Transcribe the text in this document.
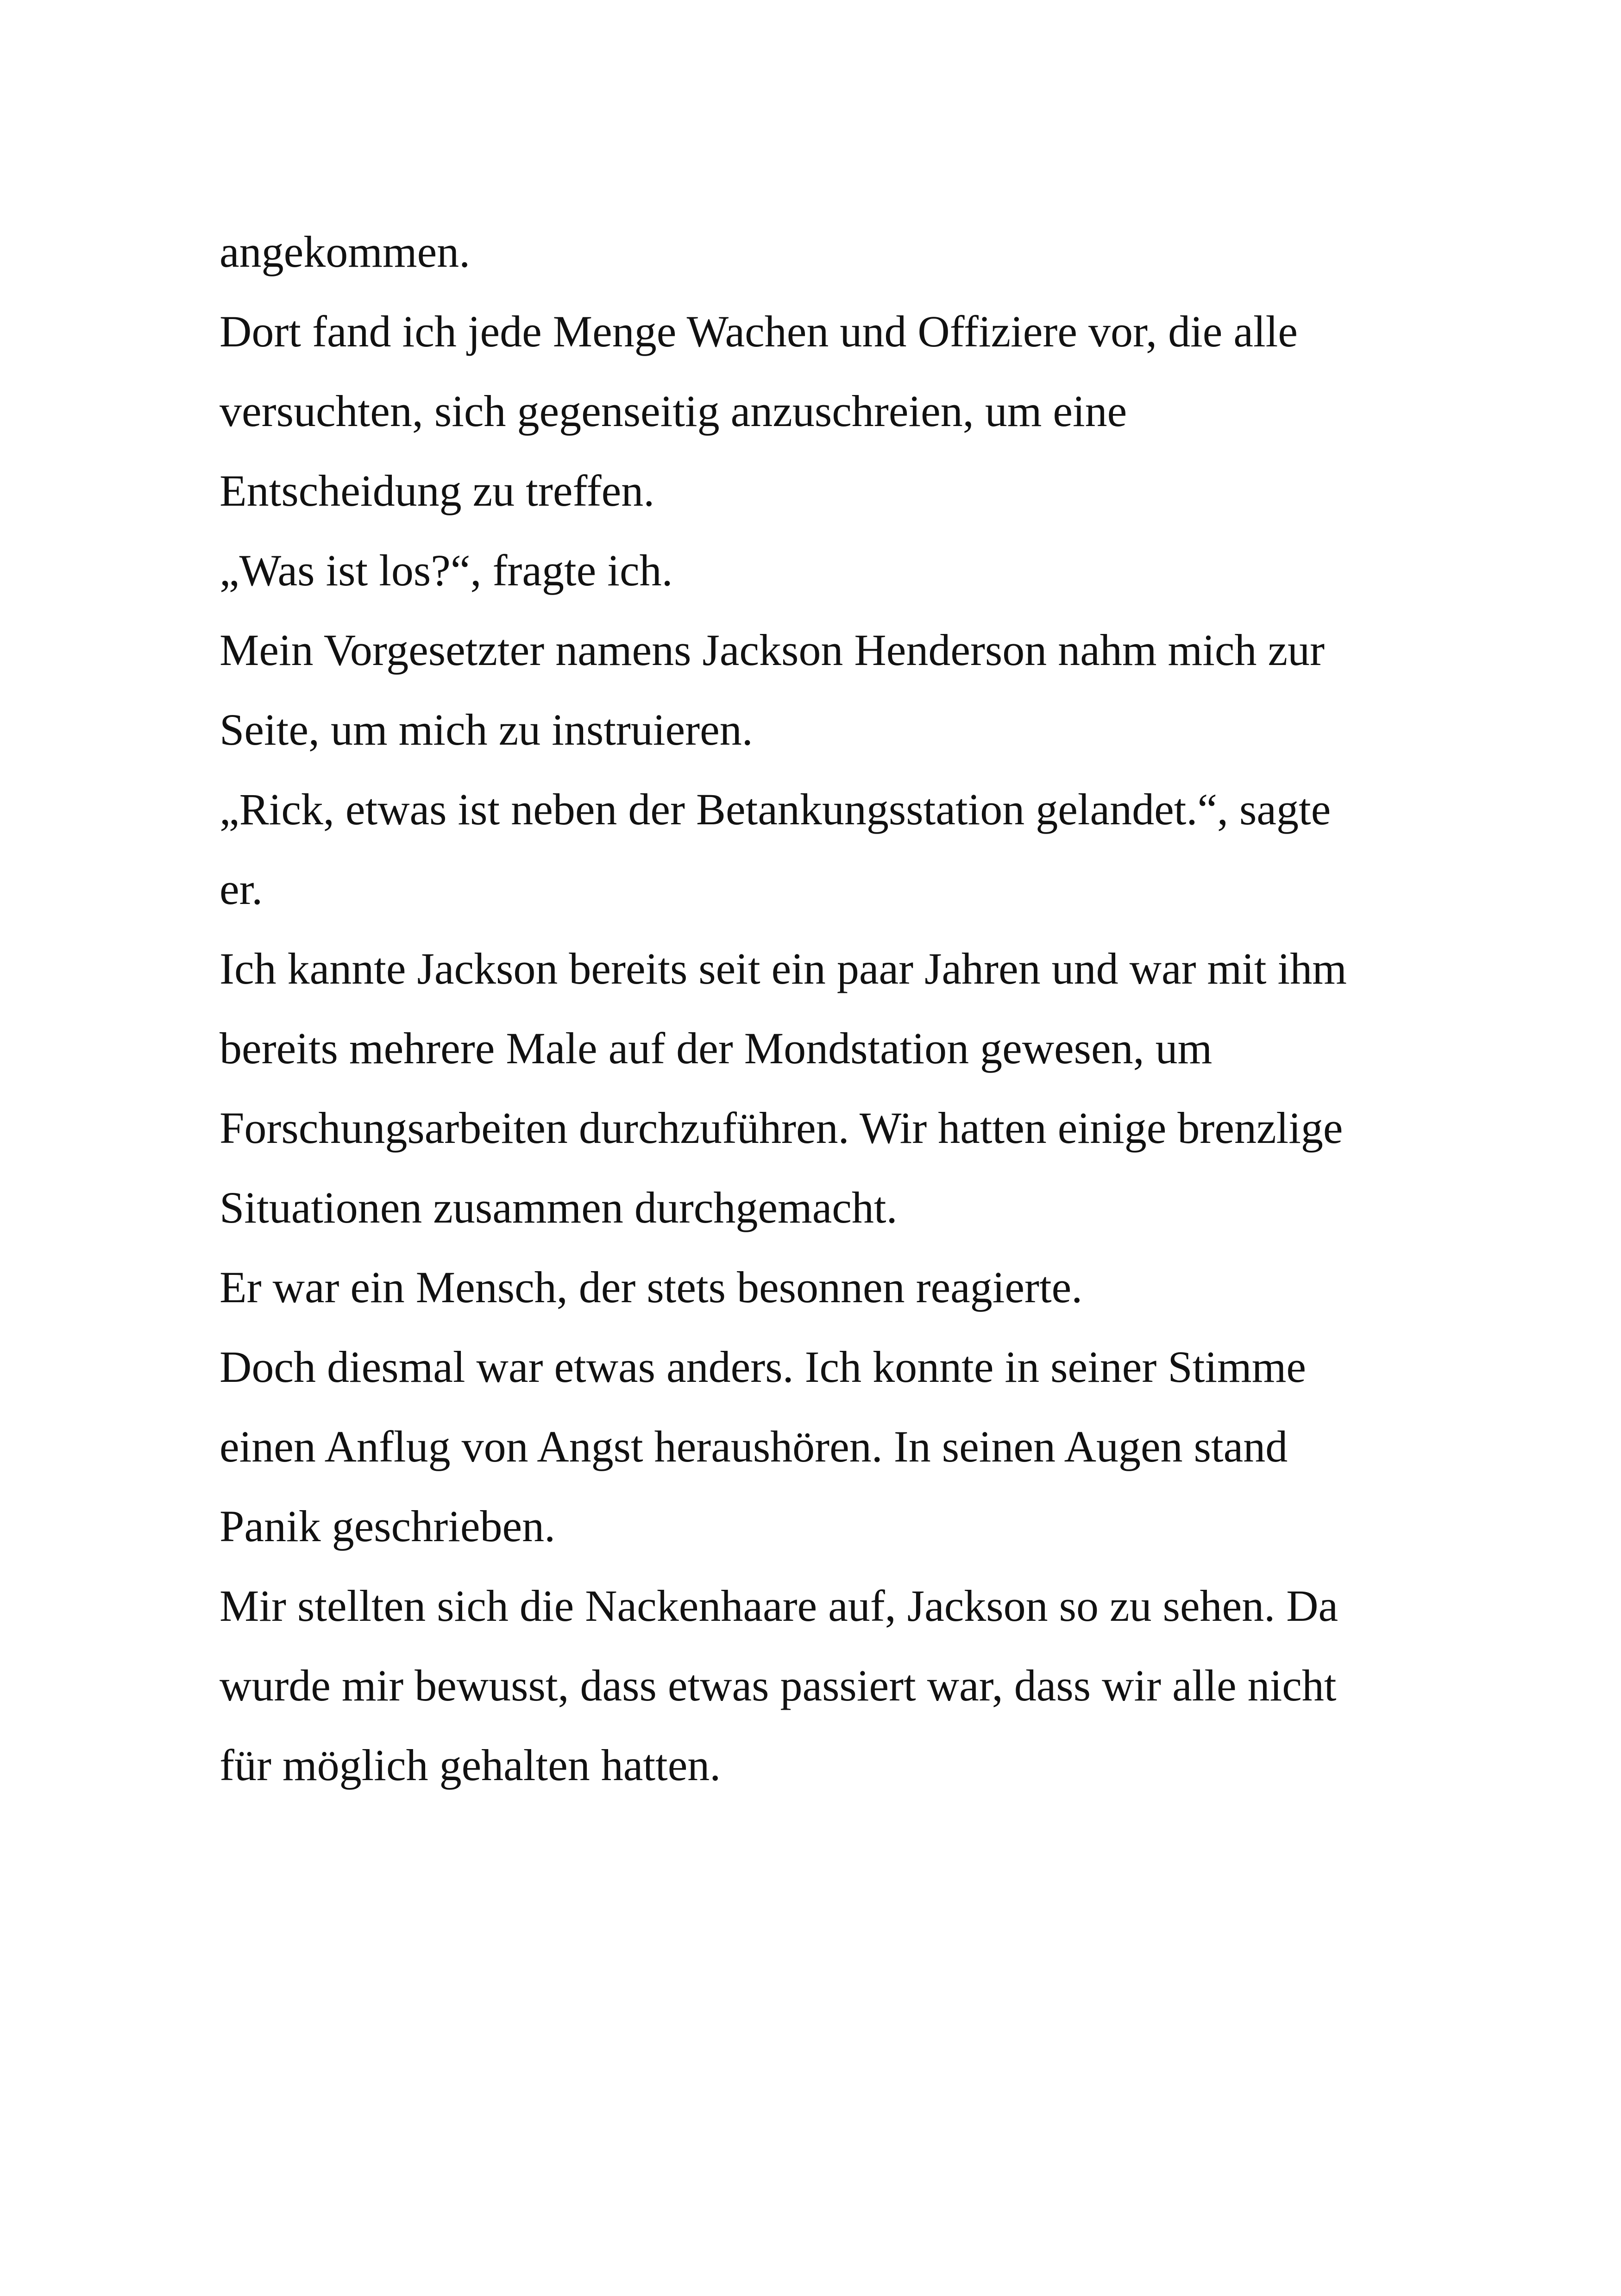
angekommen.
Dort fand ich jede Menge Wachen und Offiziere vor, die alle
versuchten, sich gegenseitig anzuschreien, um eine
Entscheidung zu treffen.
„Was ist los?“, fragte ich.
Mein Vorgesetzter namens Jackson Henderson nahm mich zur
Seite, um mich zu instruieren.
„Rick, etwas ist neben der Betankungsstation gelandet.“, sagte
er.
Ich kannte Jackson bereits seit ein paar Jahren und war mit ihm
bereits mehrere Male auf der Mondstation gewesen, um
Forschungsarbeiten durchzuführen. Wir hatten einige brenzlige
Situationen zusammen durchgemacht.
Er war ein Mensch, der stets besonnen reagierte.
Doch diesmal war etwas anders. Ich konnte in seiner Stimme
einen Anflug von Angst heraushören. In seinen Augen stand
Panik geschrieben.
Mir stellten sich die Nackenhaare auf, Jackson so zu sehen. Da
wurde mir bewusst, dass etwas passiert war, dass wir alle nicht
für möglich gehalten hatten.
